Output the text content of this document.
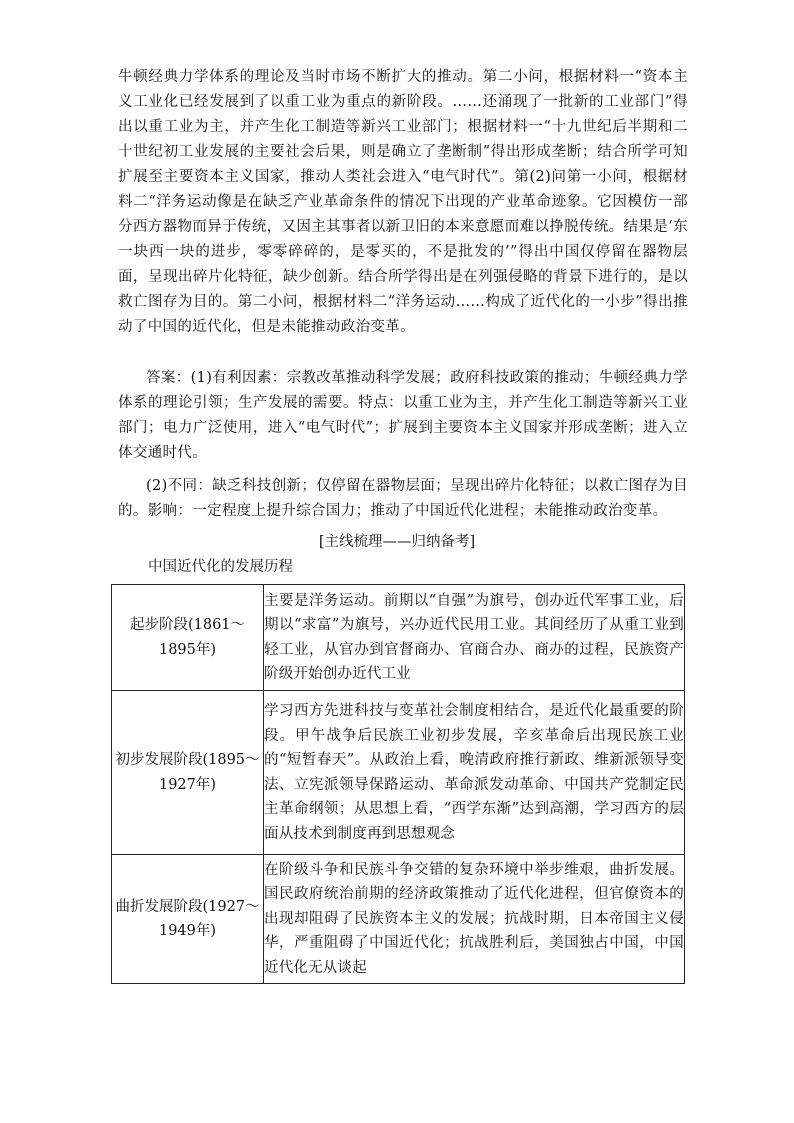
牛顿经典力学体系的理论及当时市场不断扩大的推动。第二小问，根据材料一“资本主义工业化已经发展到了以重工业为重点的新阶段。……还涌现了一批新的工业部门”得出以重工业为主，并产生化工制造等新兴工业部门；根据材料一“十九世纪后半期和二十世纪初工业发展的主要社会后果，则是确立了垄断制”得出形成垄断；结合所学可知扩展至主要资本主义国家，推动人类社会进入“电气时代”。第(2)问第一小问，根据材料二“洋务运动像是在缺乏产业革命条件的情况下出现的产业革命迹象。它因模仿一部分西方器物而异于传统，又因主其事者以新卫旧的本来意愿而难以挣脱传统。结果是‘东一块西一块的进步，零零碎碎的，是零买的，不是批发的’”得出中国仅停留在器物层面，呈现出碎片化特征，缺少创新。结合所学得出是在列强侵略的背景下进行的，是以救亡图存为目的。第二小问，根据材料二“洋务运动……构成了近代化的一小步”得出推动了中国的近代化，但是未能推动政治变革。
答案：(1)有利因素：宗教改革推动科学发展；政府科技政策的推动；牛顿经典力学体系的理论引领；生产发展的需要。特点：以重工业为主，并产生化工制造等新兴工业部门；电力广泛使用，进入“电气时代”；扩展到主要资本主义国家并形成垄断；进入立体交通时代。
(2)不同：缺乏科技创新；仅停留在器物层面；呈现出碎片化特征；以救亡图存为目的。影响：一定程度上提升综合国力；推动了中国近代化进程；未能推动政治变革。
[主线梳理——归纳备考]
中国近代化的发展历程
起步阶段(1861～1895年)	主要是洋务运动。前期以“自强”为旗号，创办近代军事工业，后期以“求富”为旗号，兴办近代民用工业。其间经历了从重工业到轻工业，从官办到官督商办、官商合办、商办的过程，民族资产阶级开始创办近代工业
初步发展阶段(1895～1927年)	学习西方先进科技与变革社会制度相结合，是近代化最重要的阶段。甲午战争后民族工业初步发展，辛亥革命后出现民族工业的“短暂春天”。从政治上看，晚清政府推行新政、维新派领导变法、立宪派领导保路运动、革命派发动革命、中国共产党制定民主革命纲领；从思想上看，“西学东渐”达到高潮，学习西方的层面从技术到制度再到思想观念
曲折发展阶段(1927～1949年)	在阶级斗争和民族斗争交错的复杂环境中举步维艰，曲折发展。国民政府统治前期的经济政策推动了近代化进程，但官僚资本的出现却阻碍了民族资本主义的发展；抗战时期，日本帝国主义侵华，严重阻碍了中国近代化；抗战胜利后，美国独占中国，中国近代化无从谈起
